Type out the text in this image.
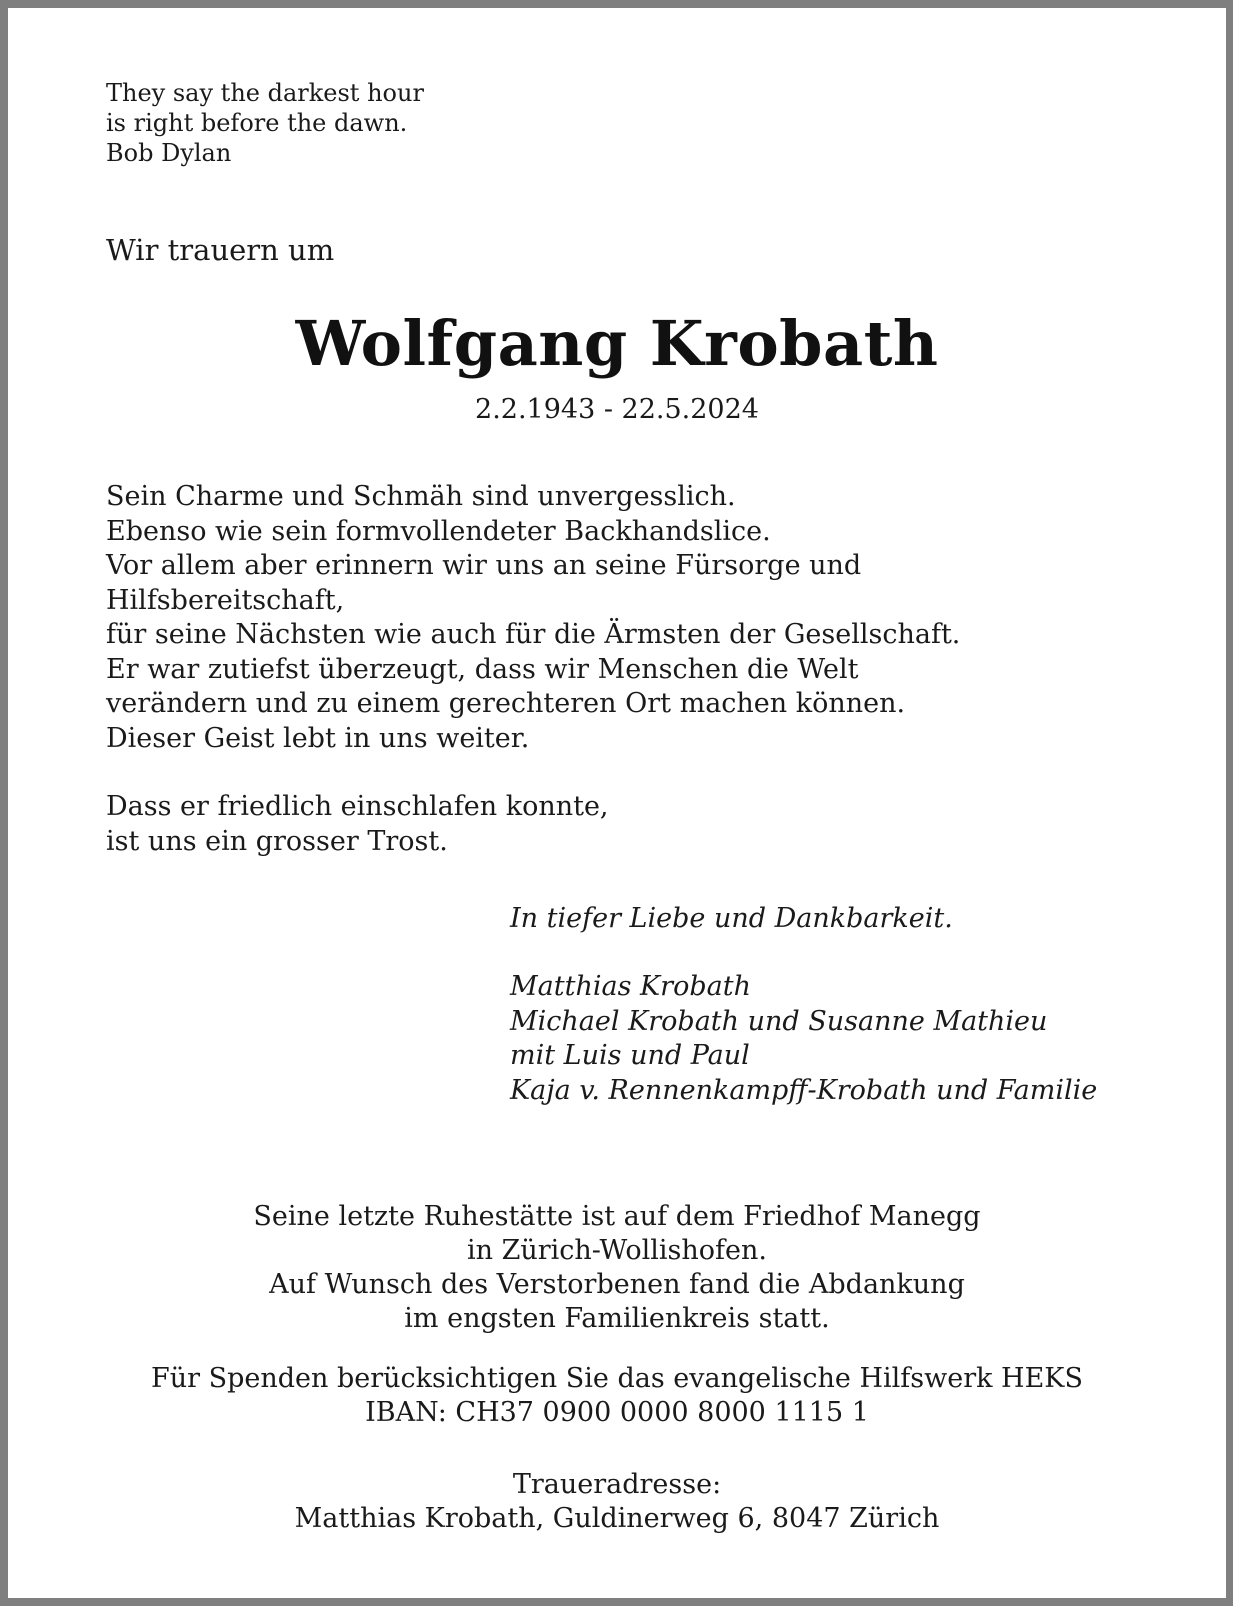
They say the darkest hour
is right before the dawn.
Bob Dylan
Wir trauern um
Wolfgang Krobath
2.2.1943 - 22.5.2024
Sein Charme und Schmäh sind unvergesslich.
Ebenso wie sein formvollendeter Backhandslice.
Vor allem aber erinnern wir uns an seine Fürsorge und
Hilfsbereitschaft,
für seine Nächsten wie auch für die Ärmsten der Gesellschaft.
Er war zutiefst überzeugt, dass wir Menschen die Welt
verändern und zu einem gerechteren Ort machen können.
Dieser Geist lebt in uns weiter.
Dass er friedlich einschlafen konnte,
ist uns ein grosser Trost.
In tiefer Liebe und Dankbarkeit.
Matthias Krobath
Michael Krobath und Susanne Mathieu
mit Luis und Paul
Kaja v. Rennenkampff-Krobath und Familie
Seine letzte Ruhestätte ist auf dem Friedhof Manegg
in Zürich-Wollishofen.
Auf Wunsch des Verstorbenen fand die Abdankung
im engsten Familienkreis statt.
Für Spenden berücksichtigen Sie das evangelische Hilfswerk HEKS
IBAN: CH37 0900 0000 8000 1115 1
Traueradresse:
Matthias Krobath, Guldinerweg 6, 8047 Zürich
